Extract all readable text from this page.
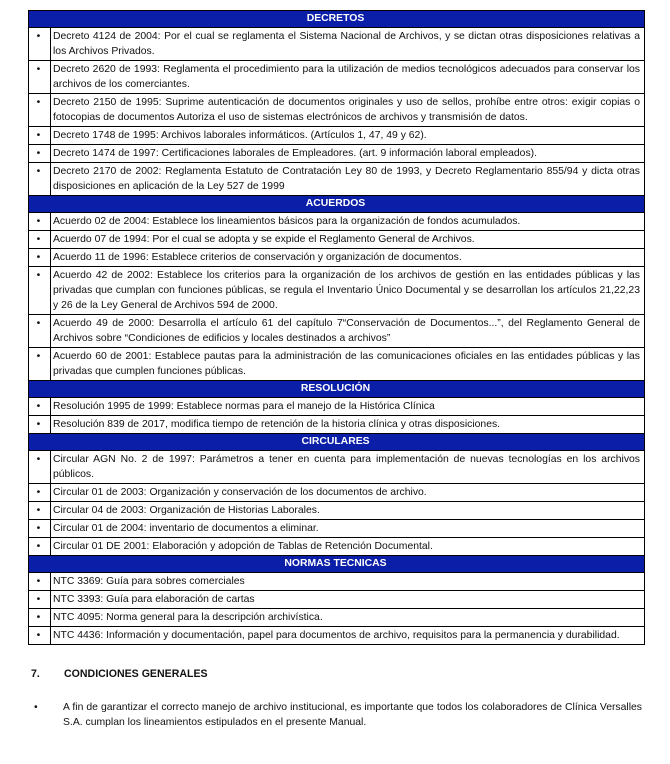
DECRETOS	
•	Decreto 4124 de 2004: Por el cual se reglamenta el Sistema Nacional de Archivos, y se dictan otras disposiciones relativas a los Archivos Privados.
•	Decreto 2620 de 1993: Reglamenta el procedimiento para la utilización de medios tecnológicos adecuados para conservar los archivos de los comerciantes.
•	Decreto 2150 de 1995: Suprime autenticación de documentos originales y uso de sellos, prohíbe entre otros: exigir copias o fotocopias de documentos Autoriza el uso de sistemas electrónicos de archivos y transmisión de datos.
•	Decreto 1748 de 1995: Archivos laborales informáticos. (Artículos 1, 47, 49 y 62).
•	Decreto 1474 de 1997: Certificaciones laborales de Empleadores. (art. 9 información laboral empleados).
•	Decreto 2170 de 2002: Reglamenta Estatuto de Contratación Ley 80 de 1993, y Decreto Reglamentario 855/94 y dicta otras disposiciones en aplicación de la Ley 527 de 1999
ACUERDOS	
•	Acuerdo 02 de 2004: Establece los lineamientos básicos para la organización de fondos acumulados.
•	Acuerdo 07 de 1994: Por el cual se adopta y se expide el Reglamento General de Archivos.
•	Acuerdo 11 de 1996: Establece criterios de conservación y organización de documentos.
•	Acuerdo 42 de 2002: Establece los criterios para la organización de los archivos de gestión en las entidades públicas y las privadas que cumplan con funciones públicas, se regula el Inventario Único Documental y se desarrollan los artículos 21,22,23 y 26 de la Ley General de Archivos 594 de 2000.
•	Acuerdo 49 de 2000: Desarrolla el artículo 61 del capítulo 7“Conservación de Documentos...”, del Reglamento General de Archivos sobre “Condiciones de edificios y locales destinados a archivos”
•	Acuerdo 60 de 2001: Establece pautas para la administración de las comunicaciones oficiales en las entidades públicas y las privadas que cumplen funciones públicas.
RESOLUCIÓN	
•	Resolución 1995 de 1999: Establece normas para el manejo de la Histórica Clínica
•	Resolución 839 de 2017, modifica tiempo de retención de la historia clínica y otras disposiciones.
CIRCULARES	
•	Circular AGN No. 2 de 1997: Parámetros a tener en cuenta para implementación de nuevas tecnologías en los archivos públicos.
•	Circular 01 de 2003: Organización y conservación de los documentos de archivo.
•	Circular 04 de 2003: Organización de Historias Laborales.
•	Circular 01 de 2004: inventario de documentos a eliminar.
•	Circular 01 DE 2001: Elaboración y adopción de Tablas de Retención Documental.
NORMAS TECNICAS	
•	NTC 3369: Guía para sobres comerciales
•	NTC 3393: Guía para elaboración de cartas
•	NTC 4095: Norma general para la descripción archivística.
•	NTC 4436: Información y documentación, papel para documentos de archivo, requisitos para la permanencia y durabilidad.
7. CONDICIONES GENERALES
•	A fin de garantizar el correcto manejo de archivo institucional, es importante que todos los colaboradores de Clínica Versalles S.A. cumplan los lineamientos estipulados en el presente Manual.
